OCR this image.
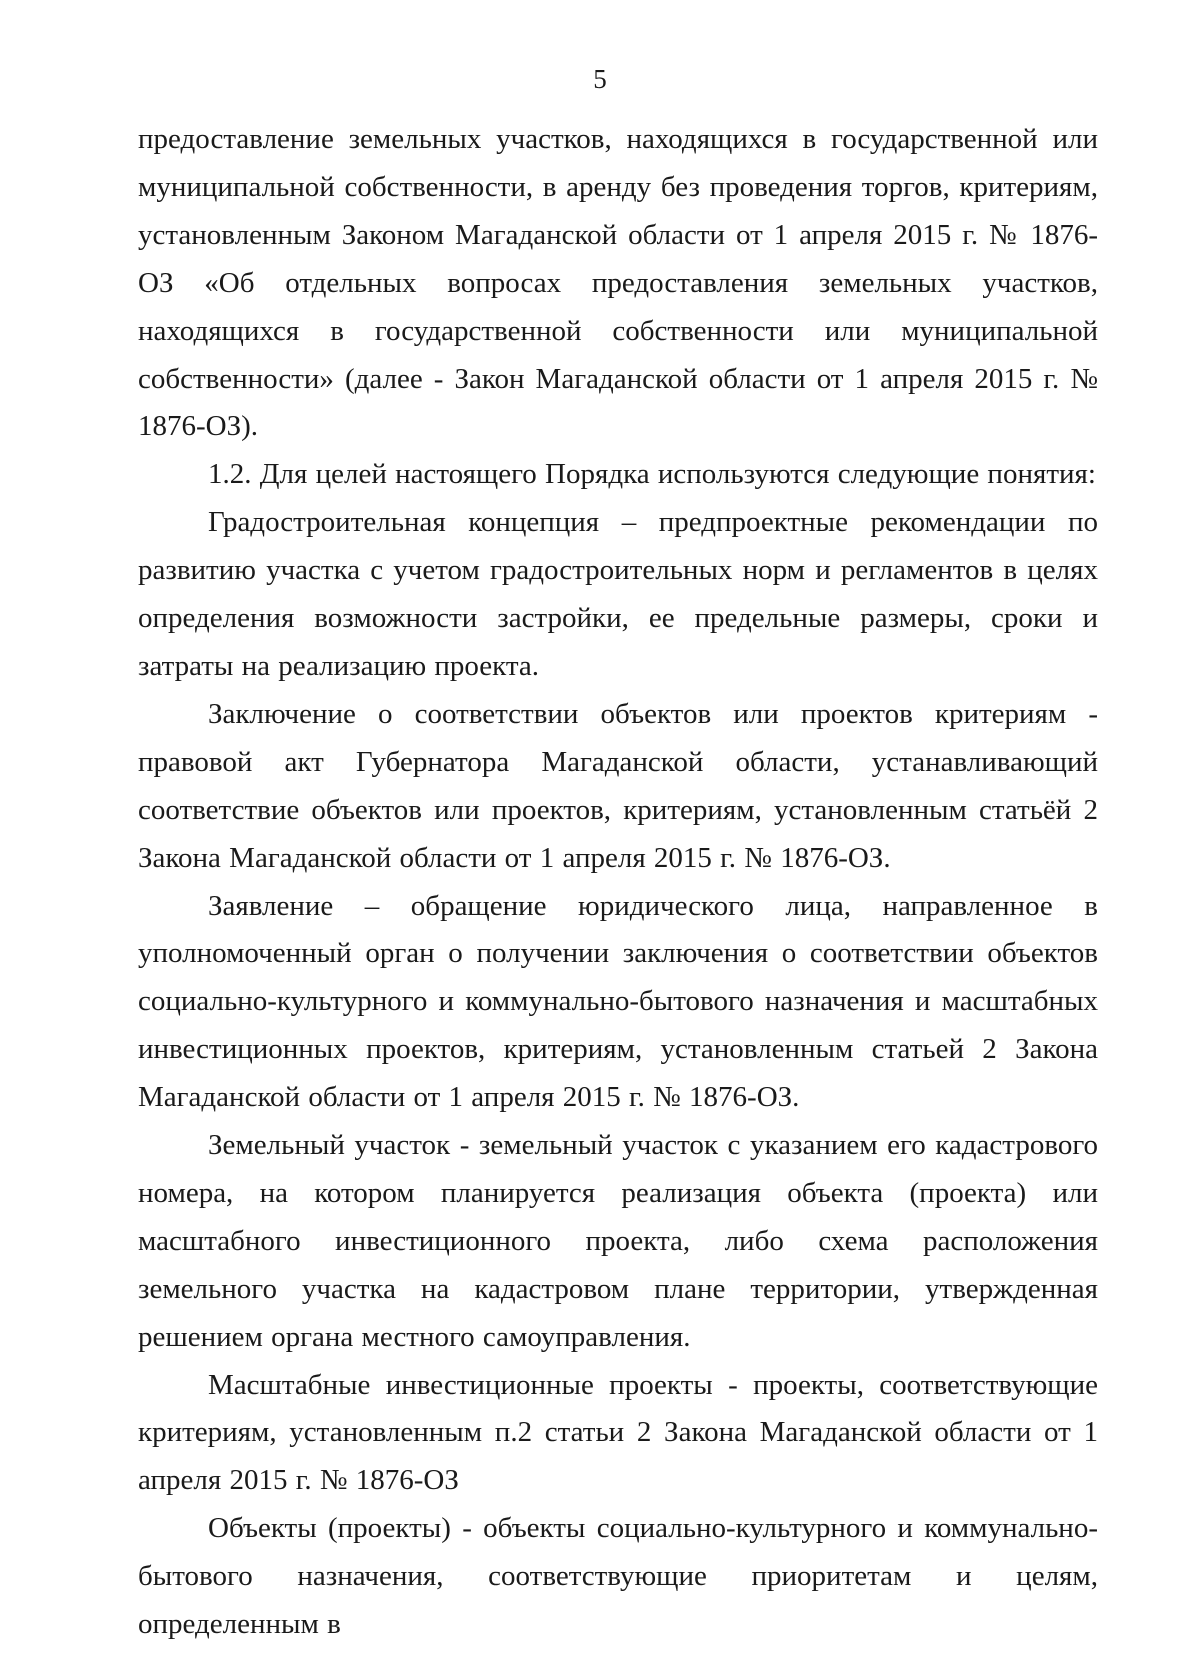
5

предоставление земельных участков, находящихся в государственной или муниципальной собственности, в аренду без проведения торгов, критериям, установленным Законом Магаданской области от 1 апреля 2015 г. № 1876-ОЗ «Об отдельных вопросах предоставления земельных участков, находящихся в государственной собственности или муниципальной собственности» (далее - Закон Магаданской области от 1 апреля 2015 г. № 1876-ОЗ).

1.2. Для целей настоящего Порядка используются следующие понятия:

Градостроительная концепция – предпроектные рекомендации по развитию участка с учетом градостроительных норм и регламентов в целях определения возможности застройки, ее предельные размеры, сроки и затраты на реализацию проекта.

Заключение о соответствии объектов или проектов критериям - правовой акт Губернатора Магаданской области, устанавливающий соответствие объектов или проектов, критериям, установленным статьёй 2 Закона Магаданской области от 1 апреля 2015 г. № 1876-ОЗ.

Заявление – обращение юридического лица, направленное в уполномоченный орган о получении заключения о соответствии объектов социально-культурного и коммунально-бытового назначения и масштабных инвестиционных проектов, критериям, установленным статьей 2 Закона Магаданской области от 1 апреля 2015 г. № 1876-ОЗ.

Земельный участок - земельный участок с указанием его кадастрового номера, на котором планируется реализация объекта (проекта) или масштабного инвестиционного проекта, либо схема расположения земельного участка на кадастровом плане территории, утвержденная решением органа местного самоуправления.

Масштабные инвестиционные проекты - проекты, соответствующие критериям, установленным п.2 статьи 2 Закона Магаданской области от 1 апреля 2015 г. № 1876-ОЗ

Объекты (проекты) - объекты социально-культурного и коммунально-бытового назначения, соответствующие приоритетам и целям, определенным в
